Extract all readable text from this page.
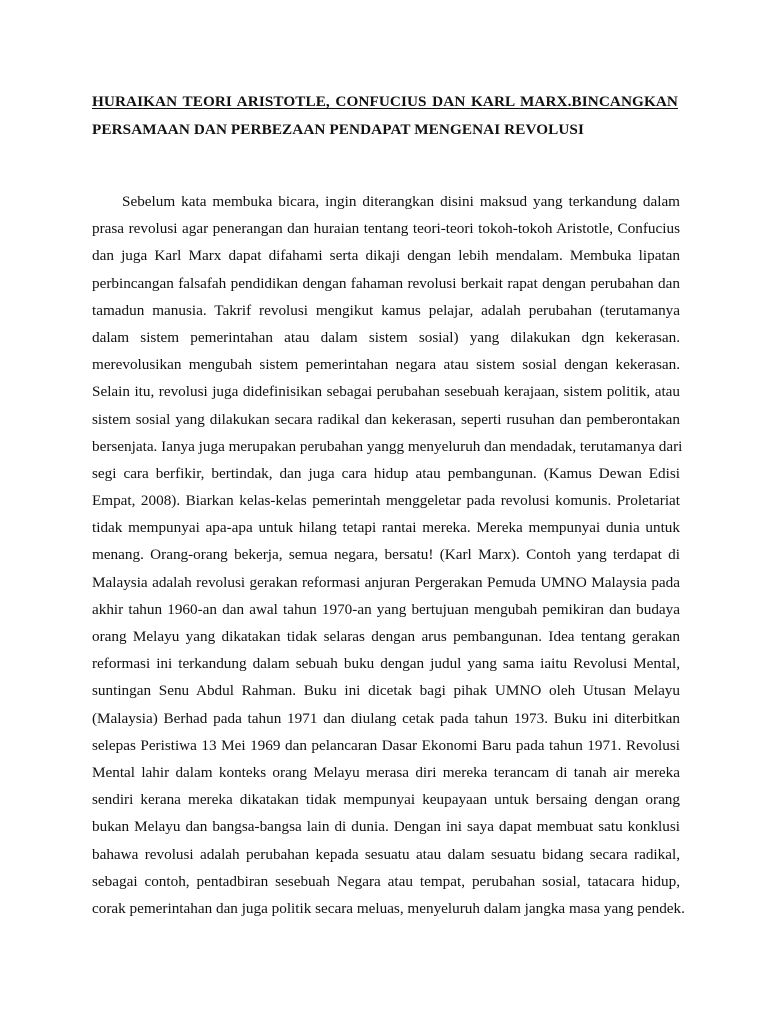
HURAIKAN TEORI ARISTOTLE, CONFUCIUS DAN KARL MARX.BINCANGKAN
PERSAMAAN DAN PERBEZAAN PENDAPAT MENGENAI REVOLUSI
Sebelum kata membuka bicara, ingin diterangkan disini maksud yang terkandung dalam
prasa revolusi agar penerangan dan huraian tentang teori-teori tokoh-tokoh Aristotle, Confucius
dan juga Karl Marx dapat difahami serta dikaji dengan lebih mendalam. Membuka lipatan
perbincangan falsafah pendidikan dengan fahaman revolusi berkait rapat dengan perubahan dan
tamadun manusia. Takrif revolusi mengikut kamus pelajar, adalah perubahan (terutamanya
dalam sistem pemerintahan atau dalam sistem sosial) yang dilakukan dgn kekerasan.
merevolusikan mengubah sistem pemerintahan negara atau sistem sosial dengan kekerasan.
Selain itu, revolusi juga didefinisikan sebagai perubahan sesebuah kerajaan, sistem politik, atau
sistem sosial yang dilakukan secara radikal dan kekerasan, seperti rusuhan dan pemberontakan
bersenjata. Ianya juga merupakan perubahan yangg menyeluruh dan mendadak, terutamanya dari
segi cara berfikir, bertindak, dan juga cara hidup atau pembangunan. (Kamus Dewan Edisi
Empat, 2008). Biarkan kelas-kelas pemerintah menggeletar pada revolusi komunis. Proletariat
tidak mempunyai apa-apa untuk hilang tetapi rantai mereka. Mereka mempunyai dunia untuk
menang. Orang-orang bekerja, semua negara, bersatu! (Karl Marx). Contoh yang terdapat di
Malaysia adalah revolusi gerakan reformasi anjuran Pergerakan Pemuda UMNO Malaysia pada
akhir tahun 1960-an dan awal tahun 1970-an yang bertujuan mengubah pemikiran dan budaya
orang Melayu yang dikatakan tidak selaras dengan arus pembangunan. Idea tentang gerakan
reformasi ini terkandung dalam sebuah buku dengan judul yang sama iaitu Revolusi Mental,
suntingan Senu Abdul Rahman. Buku ini dicetak bagi pihak UMNO oleh Utusan Melayu
(Malaysia) Berhad pada tahun 1971 dan diulang cetak pada tahun 1973. Buku ini diterbitkan
selepas Peristiwa 13 Mei 1969 dan pelancaran Dasar Ekonomi Baru pada tahun 1971. Revolusi
Mental lahir dalam konteks orang Melayu merasa diri mereka terancam di tanah air mereka
sendiri kerana mereka dikatakan tidak mempunyai keupayaan untuk bersaing dengan orang
bukan Melayu dan bangsa-bangsa lain di dunia. Dengan ini saya dapat membuat satu konklusi
bahawa revolusi adalah perubahan kepada sesuatu atau dalam sesuatu bidang secara radikal,
sebagai contoh, pentadbiran sesebuah Negara atau tempat, perubahan sosial, tatacara hidup,
corak pemerintahan dan juga politik secara meluas, menyeluruh dalam jangka masa yang pendek.
